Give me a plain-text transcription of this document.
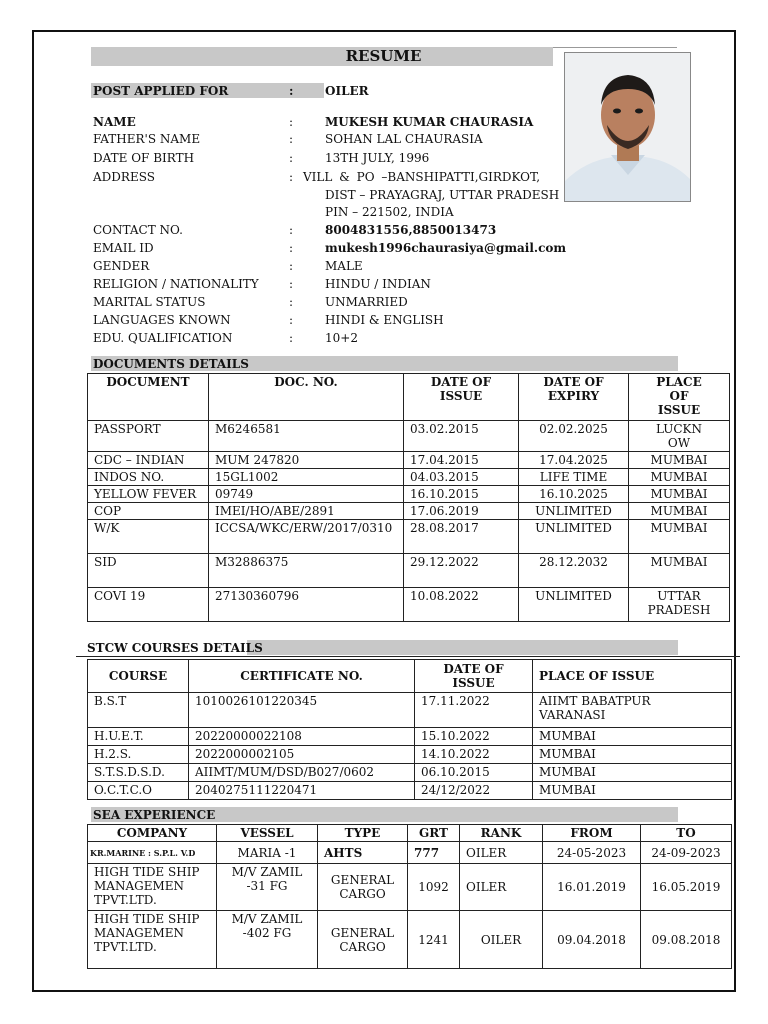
RESUME
POST APPLIED FOR	:	OILER
NAME	:	MUKESH KUMAR CHAURASIA
FATHER'S NAME	:	SOHAN LAL CHAURASIA
DATE OF BIRTH	:	13TH JULY, 1996
ADDRESS	: VILL & PO –BANSHIPATTI,GIRDKOT,
DIST – PRAYAGRAJ, UTTAR PRADESH
PIN – 221502, INDIA
CONTACT NO.	:	8004831556,8850013473
EMAIL ID	:	mukesh1996chaurasiya@gmail.com
GENDER	:	MALE
RELIGION / NATIONALITY	:	HINDU / INDIAN
MARITAL STATUS	:	UNMARRIED
LANGUAGES KNOWN	:	HINDI & ENGLISH
EDU. QUALIFICATION	:	10+2
DOCUMENTS DETAILS
DOCUMENT	DOC. NO.	DATE OF ISSUE	DATE OF EXPIRY	PLACE OF ISSUE
PASSPORT	M6246581	03.02.2015	02.02.2025	LUCKNOW
CDC – INDIAN	MUM 247820	17.04.2015	17.04.2025	MUMBAI
INDOS NO.	15GL1002	04.03.2015	LIFE TIME	MUMBAI
YELLOW FEVER	09749	16.10.2015	16.10.2025	MUMBAI
COP	IMEI/HO/ABE/2891	17.06.2019	UNLIMITED	MUMBAI
W/K	ICCSA/WKC/ERW/2017/0310	28.08.2017	UNLIMITED	MUMBAI
SID	M32886375	29.12.2022	28.12.2032	MUMBAI
COVI 19	27130360796	10.08.2022	UNLIMITED	UTTAR PRADESH
STCW COURSES DETAILS
COURSE	CERTIFICATE NO.	DATE OF ISSUE	PLACE OF ISSUE
B.S.T	1010026101220345	17.11.2022	AIIMT BABATPUR VARANASI
H.U.E.T.	20220000022108	15.10.2022	MUMBAI
H.2.S.	2022000002105	14.10.2022	MUMBAI
S.T.S.D.S.D.	AIIMT/MUM/DSD/B027/0602	06.10.2015	MUMBAI
O.C.T.C.O	2040275111220471	24/12/2022	MUMBAI
SEA EXPERIENCE
COMPANY	VESSEL	TYPE	GRT	RANK	FROM	TO
KR.MARINE : S.P.L. V.D	MARIA -1	AHTS	777	OILER	24-05-2023	24-09-2023
HIGH TIDE SHIP MANAGEMEN TPVT.LTD.	M/V ZAMIL -31 FG	GENERAL CARGO	1092	OILER	16.01.2019	16.05.2019
HIGH TIDE SHIP MANAGEMEN TPVT.LTD.	M/V ZAMIL -402 FG	GENERAL CARGO	1241	OILER	09.04.2018	09.08.2018
